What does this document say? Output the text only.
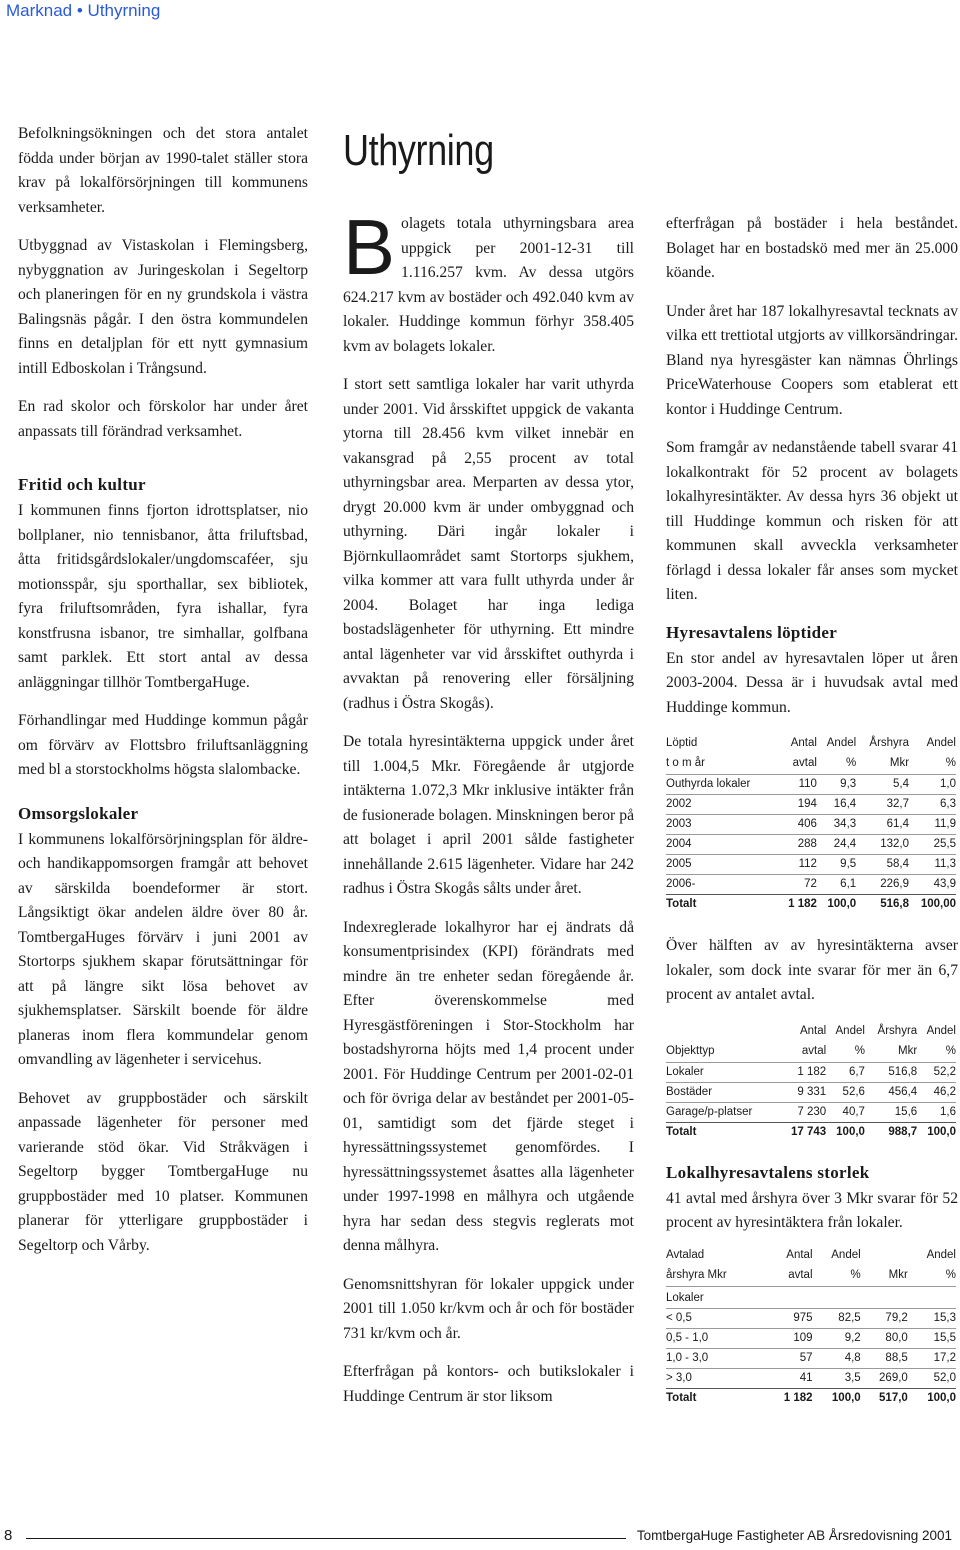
Marknad • Uthyrning

Befolkningsökningen och det stora antalet födda under början av 1990-talet ställer stora krav på lokalförsörjningen till kommunens verksamheter.

Utbyggnad av Vistaskolan i Flemingsberg, nybyggnation av Juringeskolan i Segeltorp och planeringen för en ny grundskola i västra Balingsnäs pågår. I den östra kommundelen finns en detaljplan för ett nytt gymnasium intill Edboskolan i Trångsund.

En rad skolor och förskolor har under året anpassats till förändrad verksamhet.

Fritid och kultur

I kommunen finns fjorton idrottsplatser, nio bollplaner, nio tennisbanor, åtta friluftsbad, åtta fritidsgårdslokaler/ungdomscaféer, sju motionsspår, sju sporthallar, sex bibliotek, fyra friluftsområden, fyra ishallar, fyra konstfrusna isbanor, tre simhallar, golfbana samt parklek. Ett stort antal av dessa anläggningar tillhör TomtbergaHuge.

Förhandlingar med Huddinge kommun pågår om förvärv av Flottsbro friluftsanläggning med bl a storstockholms högsta slalombacke.

Omsorgslokaler

I kommunens lokalförsörjningsplan för äldre- och handikappomsorgen framgår att behovet av särskilda boendeformer är stort. Långsiktigt ökar andelen äldre över 80 år. TomtbergaHuges förvärv i juni 2001 av Stortorps sjukhem skapar förutsättningar för att på längre sikt lösa behovet av sjukhemsplatser. Särskilt boende för äldre planeras inom flera kommundelar genom omvandling av lägenheter i servicehus.

Behovet av gruppbostäder och särskilt anpassade lägenheter för personer med varierande stöd ökar. Vid Stråkvägen i Segeltorp bygger TomtbergaHuge nu gruppbostäder med 10 platser. Kommunen planerar för ytterligare gruppbostäder i Segeltorp och Vårby.

Uthyrning

Bolagets totala uthyrningsbara area uppgick per 2001-12-31 till 1.116.257 kvm. Av dessa utgörs 624.217 kvm av bostäder och 492.040 kvm av lokaler. Huddinge kommun förhyr 358.405 kvm av bolagets lokaler.

I stort sett samtliga lokaler har varit uthyrda under 2001. Vid årsskiftet uppgick de vakanta ytorna till 28.456 kvm vilket innebär en vakansgrad på 2,55 procent av total uthyrningsbar area. Merparten av dessa ytor, drygt 20.000 kvm är under ombyggnad och uthyrning. Däri ingår lokaler i Björnkullaområdet samt Stortorps sjukhem, vilka kommer att vara fullt uthyrda under år 2004. Bolaget har inga lediga bostadslägenheter för uthyrning. Ett mindre antal lägenheter var vid årsskiftet outhyrda i avvaktan på renovering eller försäljning (radhus i Östra Skogås).

De totala hyresintäkterna uppgick under året till 1.004,5 Mkr. Föregående år utgjorde intäkterna 1.072,3 Mkr inklusive intäkter från de fusionerade bolagen. Minskningen beror på att bolaget i april 2001 sålde fastigheter innehållande 2.615 lägenheter. Vidare har 242 radhus i Östra Skogås sålts under året.

Indexreglerade lokalhyror har ej ändrats då konsumentprisindex (KPI) förändrats med mindre än tre enheter sedan föregående år. Efter överenskommelse med Hyresgästföreningen i Stor-Stockholm har bostadshyrorna höjts med 1,4 procent under 2001. För Huddinge Centrum per 2001-02-01 och för övriga delar av beståndet per 2001-05-01, samtidigt som det fjärde steget i hyressättningssystemet genomfördes. I hyressättningssystemet åsattes alla lägenheter under 1997-1998 en målhyra och utgående hyra har sedan dess stegvis reglerats mot denna målhyra.

Genomsnittshyran för lokaler uppgick under 2001 till 1.050 kr/kvm och år och för bostäder 731 kr/kvm och år.

Efterfrågan på kontors- och butikslokaler i Huddinge Centrum är stor liksom

efterfrågan på bostäder i hela beståndet. Bolaget har en bostadskö med mer än 25.000 köande.

Under året har 187 lokalhyresavtal tecknats av vilka ett trettiotal utgjorts av villkorsändringar. Bland nya hyresgäster kan nämnas Öhrlings PriceWaterhouse Coopers som etablerat ett kontor i Huddinge Centrum.

Som framgår av nedanstående tabell svarar 41 lokalkontrakt för 52 procent av bolagets lokalhyresintäkter. Av dessa hyrs 36 objekt ut till Huddinge kommun och risken för att kommunen skall avveckla verksamheter förlagd i dessa lokaler får anses som mycket liten.

Hyresavtalens löptider

En stor andel av hyresavtalen löper ut åren 2003-2004. Dessa är i huvudsak avtal med Huddinge kommun.

Löptid	Antal	Andel	Årshyra	Andel
t o m år	avtal	%	Mkr	%
Outhyrda lokaler	110	9,3	5,4	1,0
2002	194	16,4	32,7	6,3
2003	406	34,3	61,4	11,9
2004	288	24,4	132,0	25,5
2005	112	9,5	58,4	11,3
2006-	72	6,1	226,9	43,9
Totalt	1 182	100,0	516,8	100,00

Över hälften av av hyresintäkterna avser lokaler, som dock inte svarar för mer än 6,7 procent av antalet avtal.

	Antal	Andel	Årshyra	Andel
Objekttyp	avtal	%	Mkr	%
Lokaler	1 182	6,7	516,8	52,2
Bostäder	9 331	52,6	456,4	46,2
Garage/p-platser	7 230	40,7	15,6	1,6
Totalt	17 743	100,0	988,7	100,0
Lokalhyresavtalens storlek

41 avtal med årshyra över 3 Mkr svarar för 52 procent av hyresintäktera från lokaler.

Avtalad	Antal	Andel		Andel
årshyra Mkr	avtal	%	Mkr	%
Lokaler				
< 0,5	975	82,5	79,2	15,3
0,5 - 1,0	109	9,2	80,0	15,5
1,0 - 3,0	57	4,8	88,5	17,2
> 3,0	41	3,5	269,0	52,0
Totalt	1 182	100,0	517,0	100,0
8	TomtbergaHuge Fastigheter AB Årsredovisning 2001
